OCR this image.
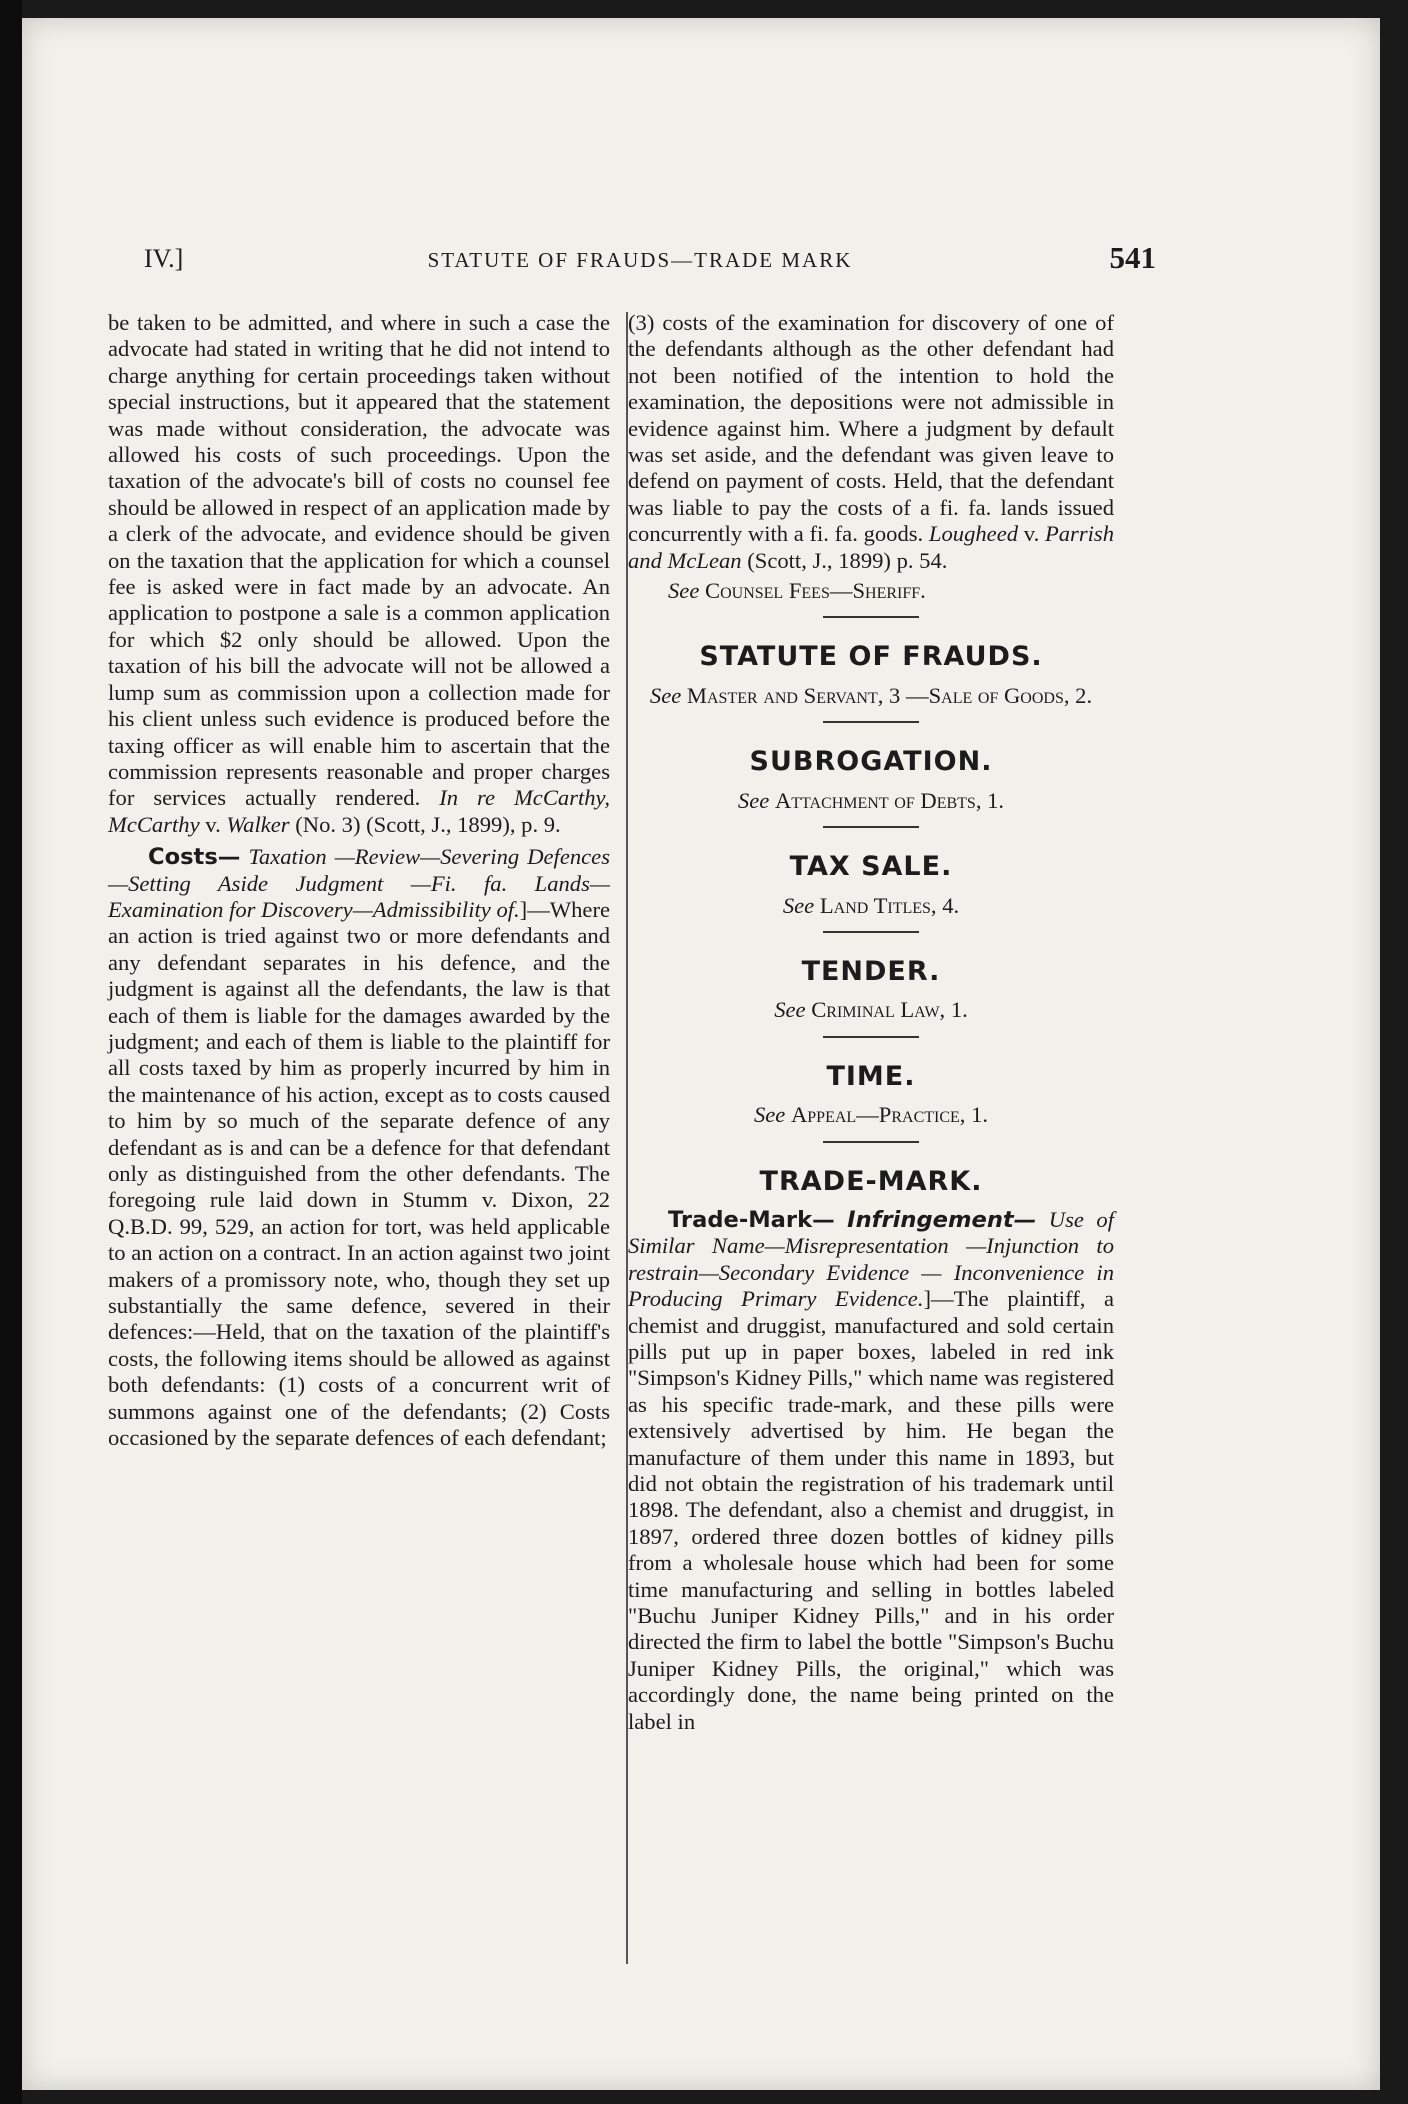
IV.]	STATUTE OF FRAUDS—TRADE MARK	541

be taken to be admitted, and where in such a case the advocate had stated in writing that he did not intend to charge anything for certain proceedings taken without special instructions, but it appeared that the statement was made without consideration, the advocate was allowed his costs of such proceedings. Upon the taxation of the advocate's bill of costs no counsel fee should be allowed in respect of an application made by a clerk of the advocate, and evidence should be given on the taxation that the application for which a counsel fee is asked were in fact made by an advocate. An application to postpone a sale is a common application for which $2 only should be allowed. Upon the taxation of his bill the advocate will not be allowed a lump sum as commission upon a collection made for his client unless such evidence is produced before the taxing officer as will enable him to ascertain that the commission represents reasonable and proper charges for services actually rendered. In re McCarthy, McCarthy v. Walker (No. 3) (Scott, J., 1899), p. 9.

Costs— Taxation —Review—Severing Defences—Setting Aside Judgment —Fi. fa. Lands—Examination for Discovery—Admissibility of.]—Where an action is tried against two or more defendants and any defendant separates in his defence, and the judgment is against all the defendants, the law is that each of them is liable for the damages awarded by the judgment; and each of them is liable to the plaintiff for all costs taxed by him as properly incurred by him in the maintenance of his action, except as to costs caused to him by so much of the separate defence of any defendant as is and can be a defence for that defendant only as distinguished from the other defendants. The foregoing rule laid down in Stumm v. Dixon, 22 Q.B.D. 99, 529, an action for tort, was held applicable to an action on a contract. In an action against two joint makers of a promissory note, who, though they set up substantially the same defence, severed in their defences:—Held, that on the taxation of the plaintiff's costs, the following items should be allowed as against both defendants: (1) costs of a concurrent writ of summons against one of the defendants; (2) Costs occasioned by the separate defences of each defendant;

(3) costs of the examination for discovery of one of the defendants although as the other defendant had not been notified of the intention to hold the examination, the depositions were not admissible in evidence against him. Where a judgment by default was set aside, and the defendant was given leave to defend on payment of costs. Held, that the defendant was liable to pay the costs of a fi. fa. lands issued concurrently with a fi. fa. goods. Lougheed v. Parrish and McLean (Scott, J., 1899) p. 54.

See Counsel Fees—Sheriff.

STATUTE OF FRAUDS.

See Master and Servant, 3 —Sale of Goods, 2.

SUBROGATION.

See Attachment of Debts, 1.

TAX SALE.

See Land Titles, 4.

TENDER.

See Criminal Law, 1.

TIME.

See Appeal—Practice, 1.

TRADE-MARK.

Trade-Mark— Infringement— Use of Similar Name—Misrepresentation —Injunction to restrain—Secondary Evidence — Inconvenience in Producing Primary Evidence.]—The plaintiff, a chemist and druggist, manufactured and sold certain pills put up in paper boxes, labeled in red ink "Simpson's Kidney Pills," which name was registered as his specific trade-mark, and these pills were extensively advertised by him. He began the manufacture of them under this name in 1893, but did not obtain the registration of his trademark until 1898. The defendant, also a chemist and druggist, in 1897, ordered three dozen bottles of kidney pills from a wholesale house which had been for some time manufacturing and selling in bottles labeled "Buchu Juniper Kidney Pills," and in his order directed the firm to label the bottle "Simpson's Buchu Juniper Kidney Pills, the original," which was accordingly done, the name being printed on the label in
